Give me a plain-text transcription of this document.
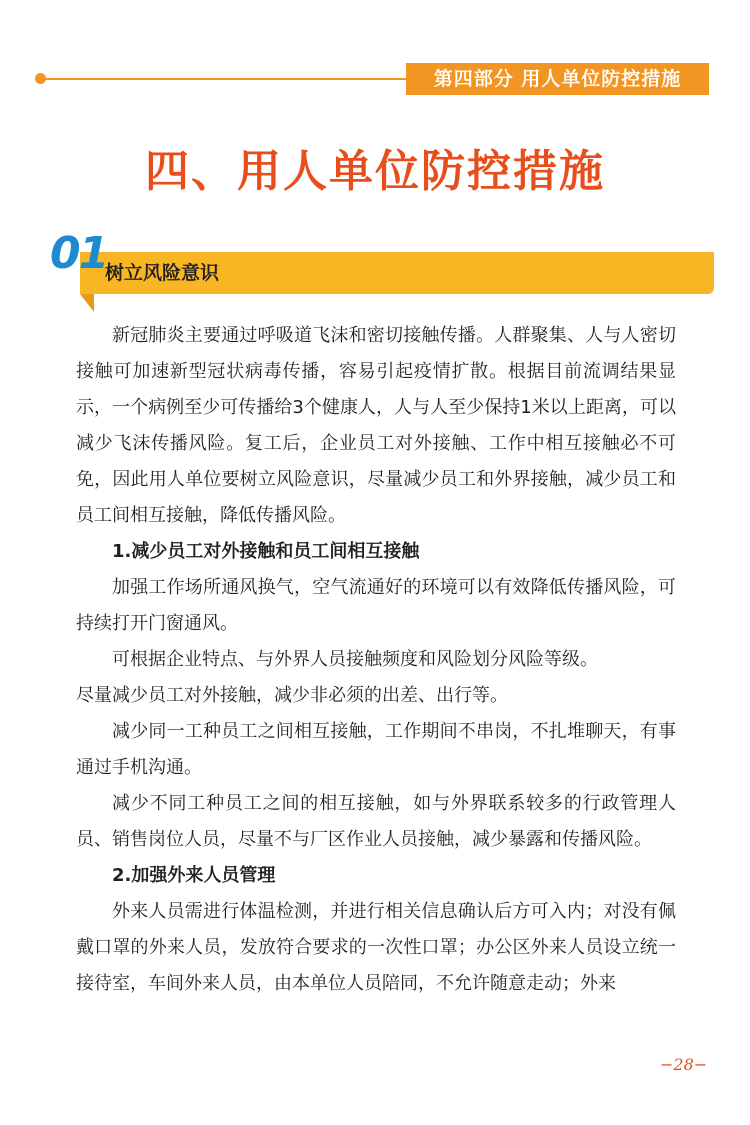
第四部分 用人单位防控措施
四、用人单位防控措施
01
树立风险意识

新冠肺炎主要通过呼吸道飞沫和密切接触传播。人群聚集、人与人密切接触可加速新型冠状病毒传播，容易引起疫情扩散。根据目前流调结果显示，一个病例至少可传播给3个健康人，人与人至少保持1米以上距离，可以减少飞沫传播风险。复工后，企业员工对外接触、工作中相互接触必不可免，因此用人单位要树立风险意识，尽量减少员工和外界接触，减少员工和员工间相互接触，降低传播风险。

1.减少员工对外接触和员工间相互接触

加强工作场所通风换气，空气流通好的环境可以有效降低传播风险，可持续打开门窗通风。

可根据企业特点、与外界人员接触频度和风险划分风险等级。

尽量减少员工对外接触，减少非必须的出差、出行等。

减少同一工种员工之间相互接触，工作期间不串岗，不扎堆聊天，有事通过手机沟通。

减少不同工种员工之间的相互接触，如与外界联系较多的行政管理人员、销售岗位人员，尽量不与厂区作业人员接触，减少暴露和传播风险。

2.加强外来人员管理

外来人员需进行体温检测，并进行相关信息确认后方可入内；对没有佩戴口罩的外来人员，发放符合要求的一次性口罩；办公区外来人员设立统一接待室，车间外来人员，由本单位人员陪同，不允许随意走动；外来

−28−
